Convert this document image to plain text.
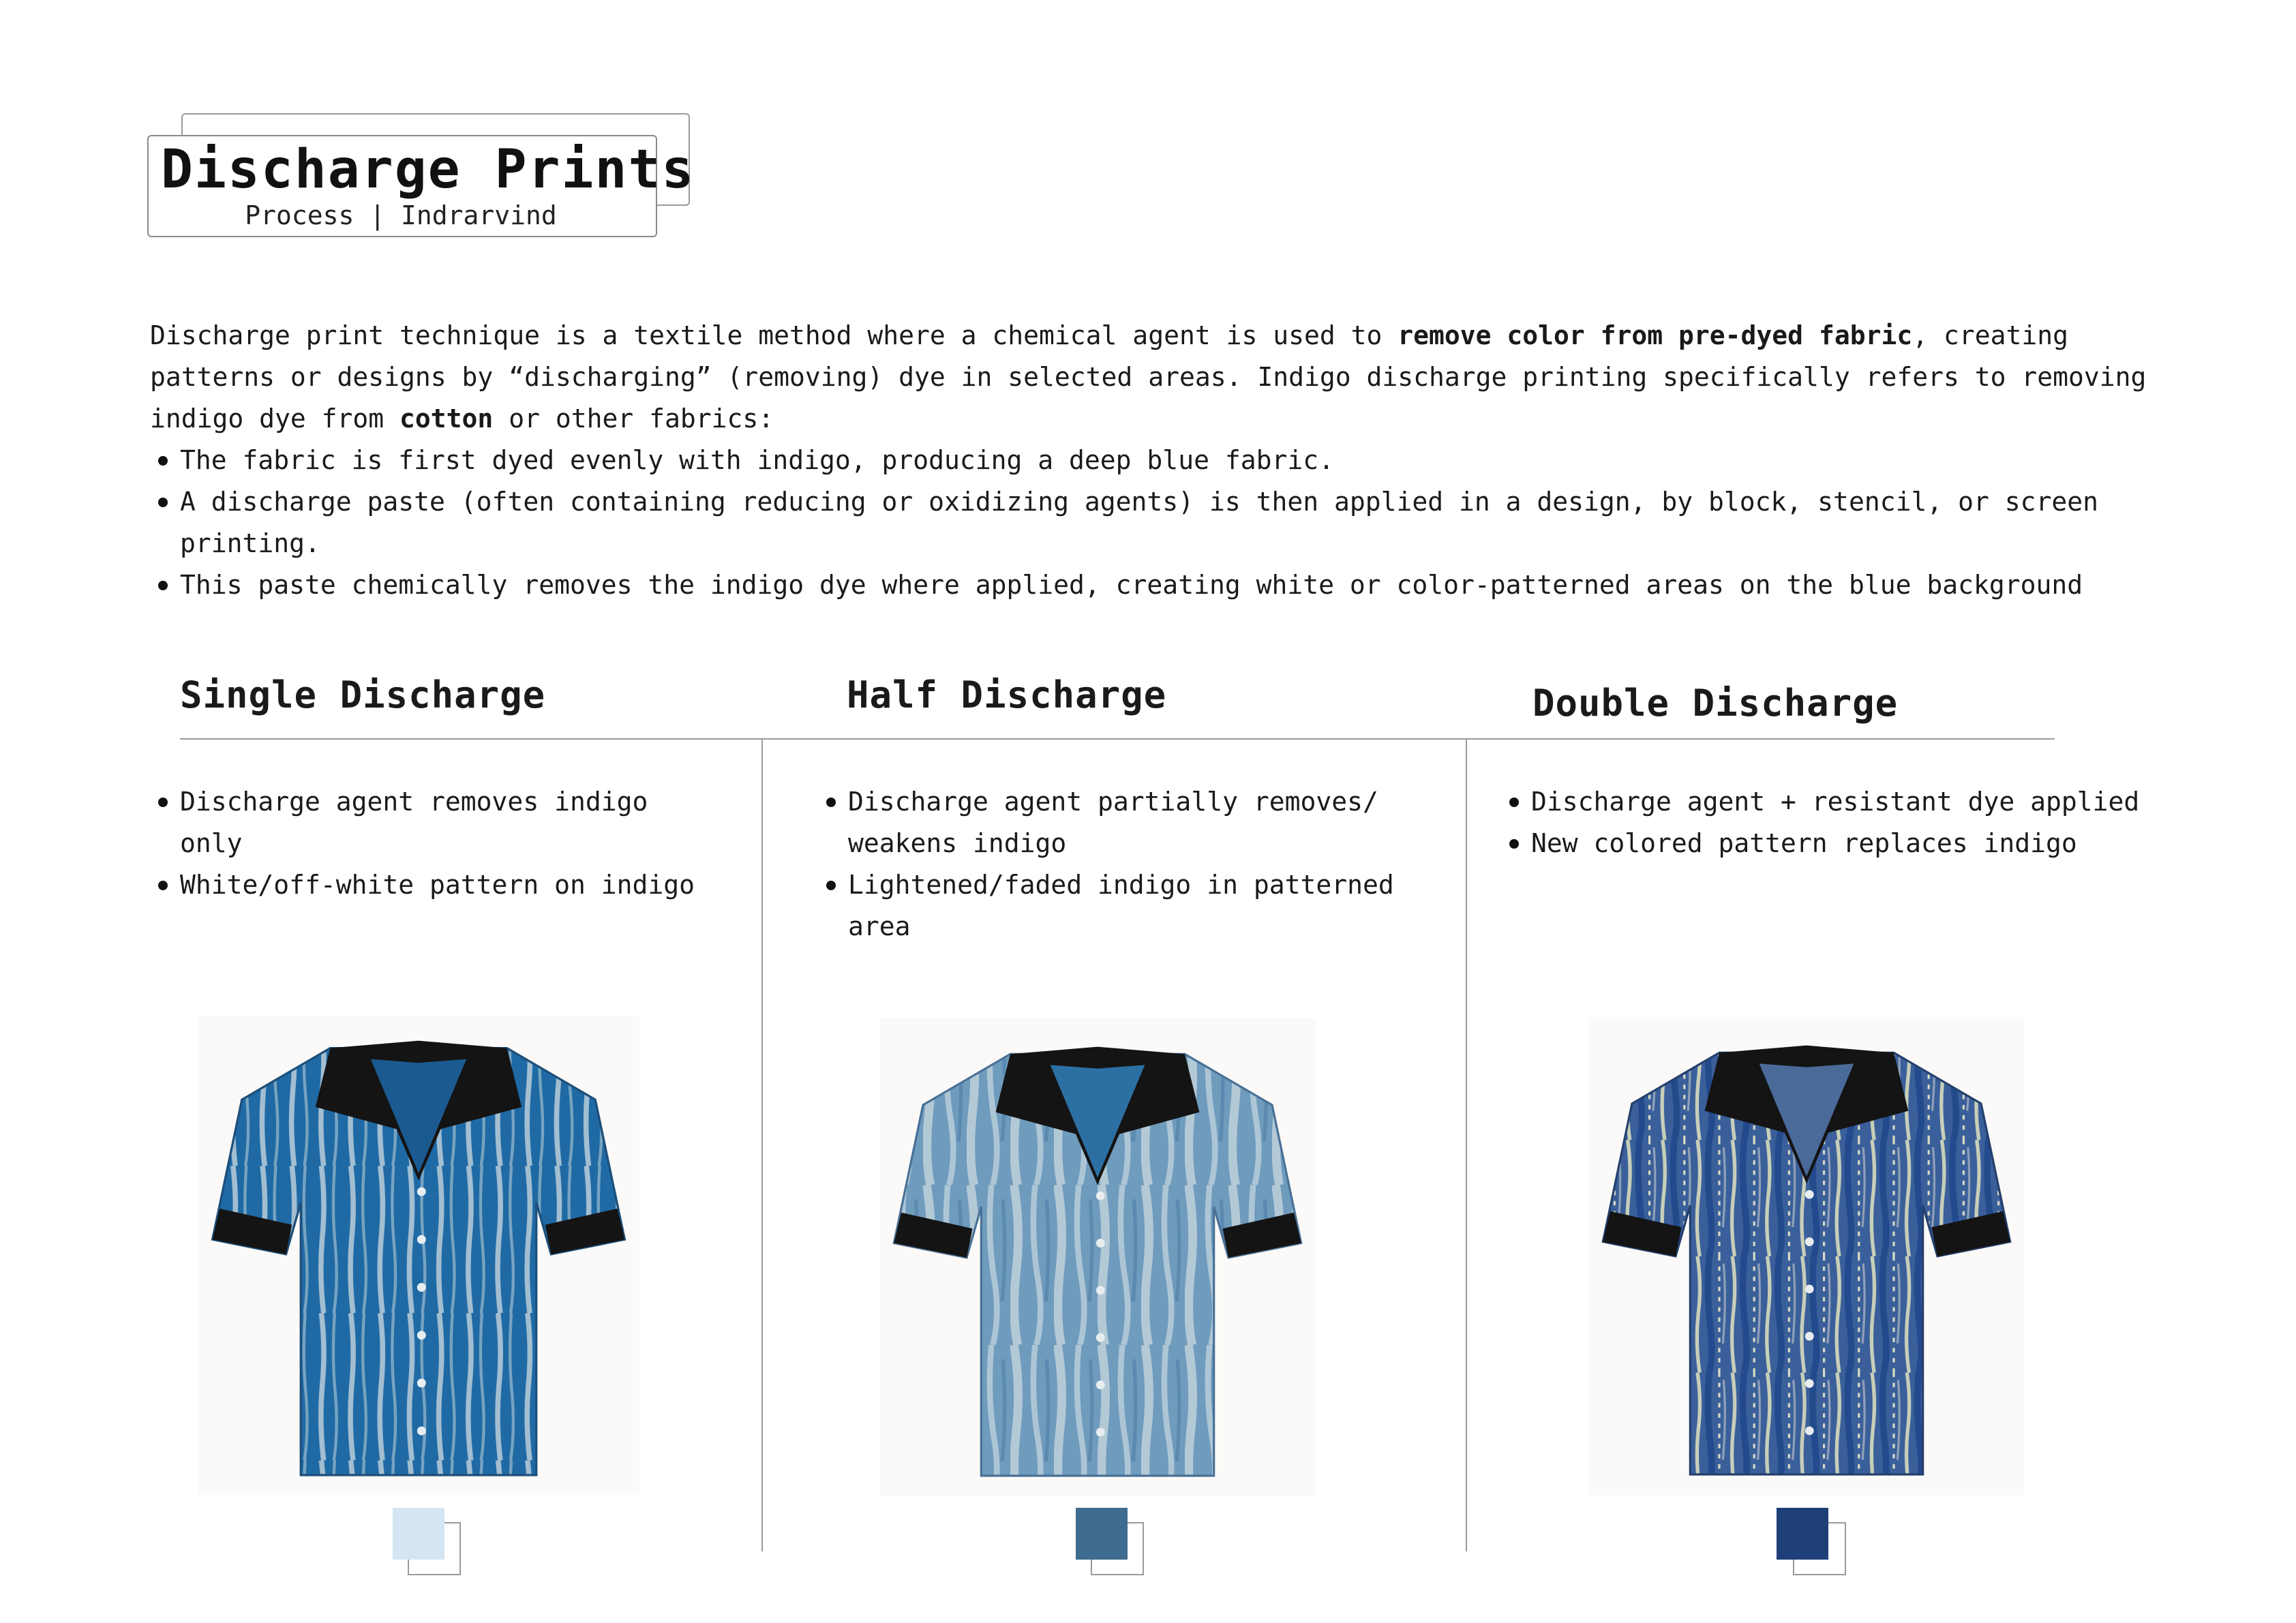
Discharge Prints
Process | Indrarvind

Discharge print technique is a textile method where a chemical agent is used to remove color from pre-dyed fabric, creating

patterns or designs by “discharging” (removing) dye in selected areas. Indigo discharge printing specifically refers to removing

indigo dye from cotton or other fabrics:

The fabric is first dyed evenly with indigo, producing a deep blue fabric.
A discharge paste (often containing reducing or oxidizing agents) is then applied in a design, by block, stencil, or screen
printing.
This paste chemically removes the indigo dye where applied, creating white or color-patterned areas on the blue background
Single Discharge	Half Discharge	Double Discharge
Discharge agent removes indigo
only
White/off-white pattern on indigo
Discharge agent partially removes/
weakens indigo
Lightened/faded indigo in patterned
area
Discharge agent + resistant dye applied
New colored pattern replaces indigo
